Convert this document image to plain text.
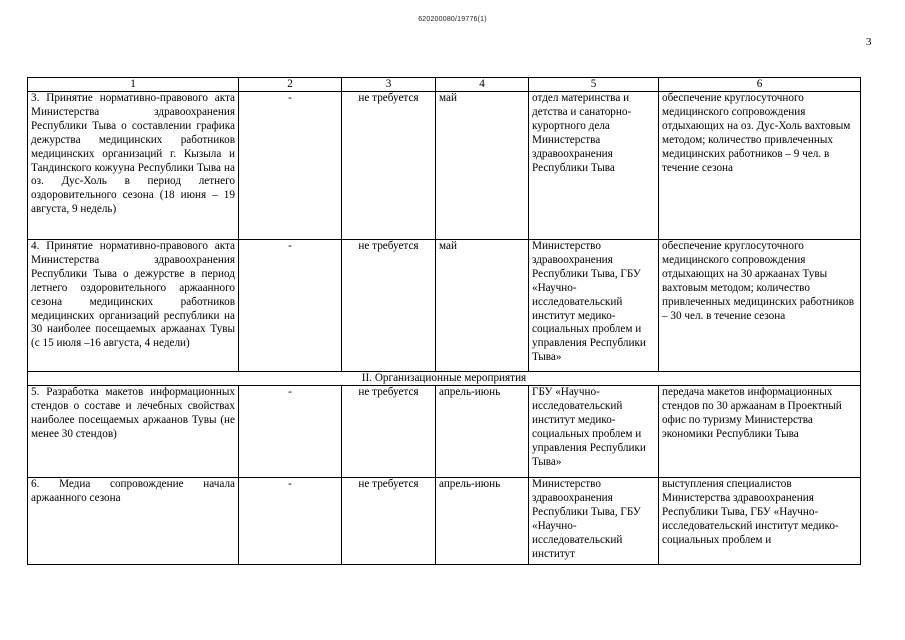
620200080/19776(1)
3
1	2	3	4	5	6
3. Принятие нормативно-правового акта Министерства здравоохранения Республики Тыва о составлении графика дежурства медицинских работников медицинских организаций г. Кызыла и Тандинского кожууна Республики Тыва на оз. Дус-Холь в период летнего оздоровительного сезона (18 июня – 19 августа, 9 недель)	-	не требуется	май	отдел материнства и детства и санаторно-курортного дела Министерства здравоохранения Республики Тыва	обеспечение круглосуточного медицинского сопровождения отдыхающих на оз. Дус-Холь вахтовым методом; количество привлеченных медицинских работников – 9 чел. в течение сезона
4. Принятие нормативно-правового акта Министерства здравоохранения Республики Тыва о дежурстве в период летнего оздоровительного аржаанного сезона медицинских работников медицинских организаций республики на 30 наиболее посещаемых аржаанах Тувы (с 15 июля –16 августа, 4 недели)	-	не требуется	май	Министерство здравоохранения Республики Тыва, ГБУ «Научно-исследовательский институт медико-социальных проблем и управления Республики Тыва»	обеспечение круглосуточного медицинского сопровождения отдыхающих на 30 аржаанах Тувы вахтовым методом; количество привлеченных медицинских работников – 30 чел. в течение сезона
II. Организационные мероприятия					
5. Разработка макетов информационных стендов о составе и лечебных свойствах наиболее посещаемых аржаанов Тувы (не менее 30 стендов)	-	не требуется	апрель-июнь	ГБУ «Научно-исследовательский институт медико-социальных проблем и управления Республики Тыва»	передача макетов информационных стендов по 30 аржаанам в Проектный офис по туризму Министерства экономики Республики Тыва
6. Медиа сопровождение начала аржаанного сезона	-	не требуется	апрель-июнь	Министерство здравоохранения Республики Тыва, ГБУ «Научно-исследовательский институт	выступления специалистов Министерства здравоохранения Республики Тыва, ГБУ «Научно-исследовательский институт медико-социальных проблем и
